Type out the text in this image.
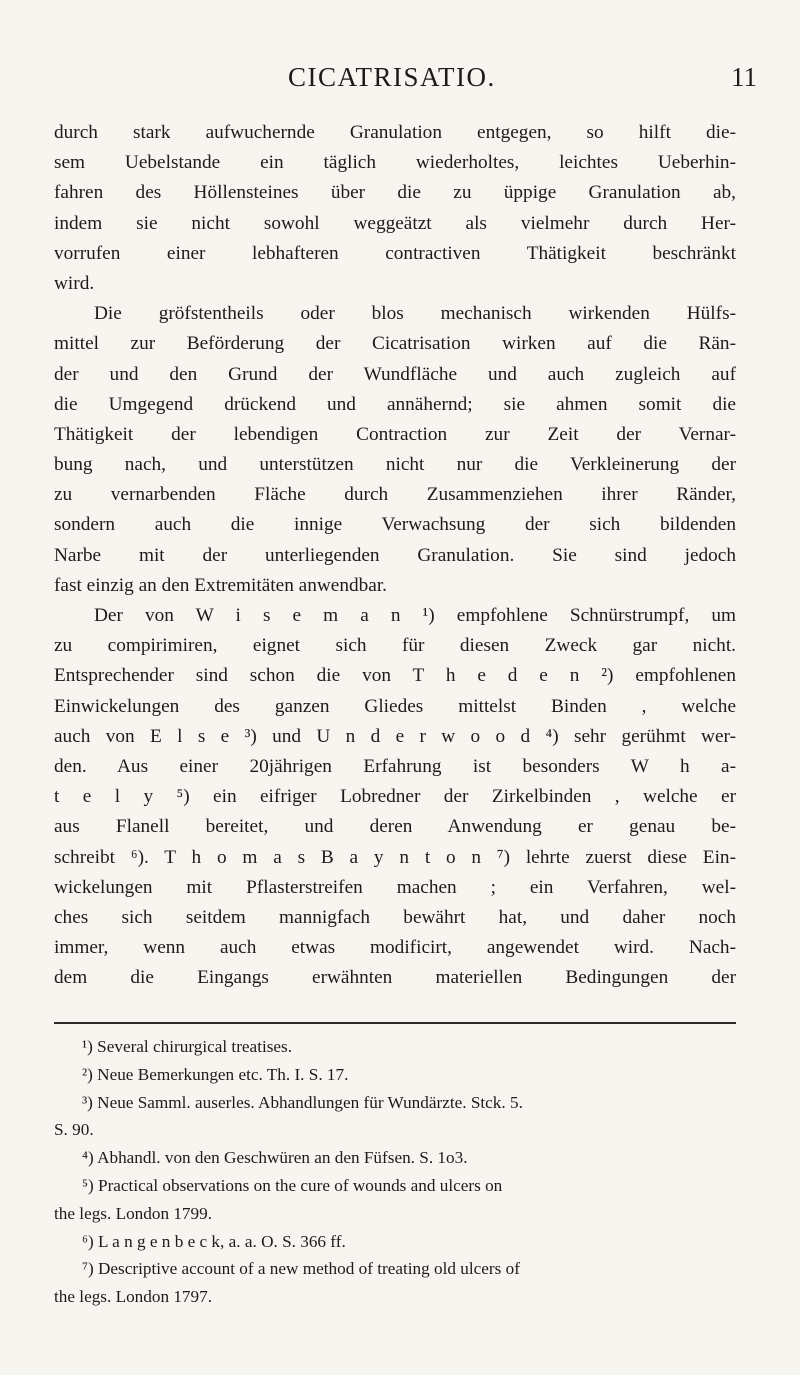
CICATRISATIO.	11
durch stark aufwuchernde Granulation entgegen, so hilft die-
sem Uebelstande ein täglich wiederholtes, leichtes Ueberhin-
fahren des Höllensteines über die zu üppige Granulation ab,
indem sie nicht sowohl weggeätzt als vielmehr durch Her-
vorrufen einer lebhafteren contractiven Thätigkeit beschränkt
wird.
Die gröfstentheils oder blos mechanisch wirkenden Hülfs-
mittel zur Beförderung der Cicatrisation wirken auf die Rän-
der und den Grund der Wundfläche und auch zugleich auf
die Umgegend drückend und annähernd; sie ahmen somit die
Thätigkeit der lebendigen Contraction zur Zeit der Vernar-
bung nach, und unterstützen nicht nur die Verkleinerung der
zu vernarbenden Fläche durch Zusammenziehen ihrer Ränder,
sondern auch die innige Verwachsung der sich bildenden
Narbe mit der unterliegenden Granulation. Sie sind jedoch
fast einzig an den Extremitäten anwendbar.
Der von W i s e m a n ¹) empfohlene Schnürstrumpf, um
zu compirimiren, eignet sich für diesen Zweck gar nicht.
Entsprechender sind schon die von T h e d e n ²) empfohlenen
Einwickelungen des ganzen Gliedes mittelst Binden , welche
auch von E l s e ³) und U n d e r w o o d ⁴) sehr gerühmt wer-
den. Aus einer 20jährigen Erfahrung ist besonders W h a-
t e l y ⁵) ein eifriger Lobredner der Zirkelbinden , welche er
aus Flanell bereitet, und deren Anwendung er genau be-
schreibt ⁶). T h o m a s B a y n t o n ⁷) lehrte zuerst diese Ein-
wickelungen mit Pflasterstreifen machen ; ein Verfahren, wel-
ches sich seitdem mannigfach bewährt hat, und daher noch
immer, wenn auch etwas modificirt, angewendet wird. Nach-
dem die Eingangs erwähnten materiellen Bedingungen der
¹) Several chirurgical treatises.
²) Neue Bemerkungen etc. Th. I. S. 17.
³) Neue Samml. auserles. Abhandlungen für Wundärzte. Stck. 5.
S. 90.
⁴) Abhandl. von den Geschwüren an den Füfsen. S. 1o3.
⁵) Practical observations on the cure of wounds and ulcers on
the legs. London 1799.
⁶) L a n g e n b e c k, a. a. O. S. 366 ff.
⁷) Descriptive account of a new method of treating old ulcers of
the legs. London 1797.
